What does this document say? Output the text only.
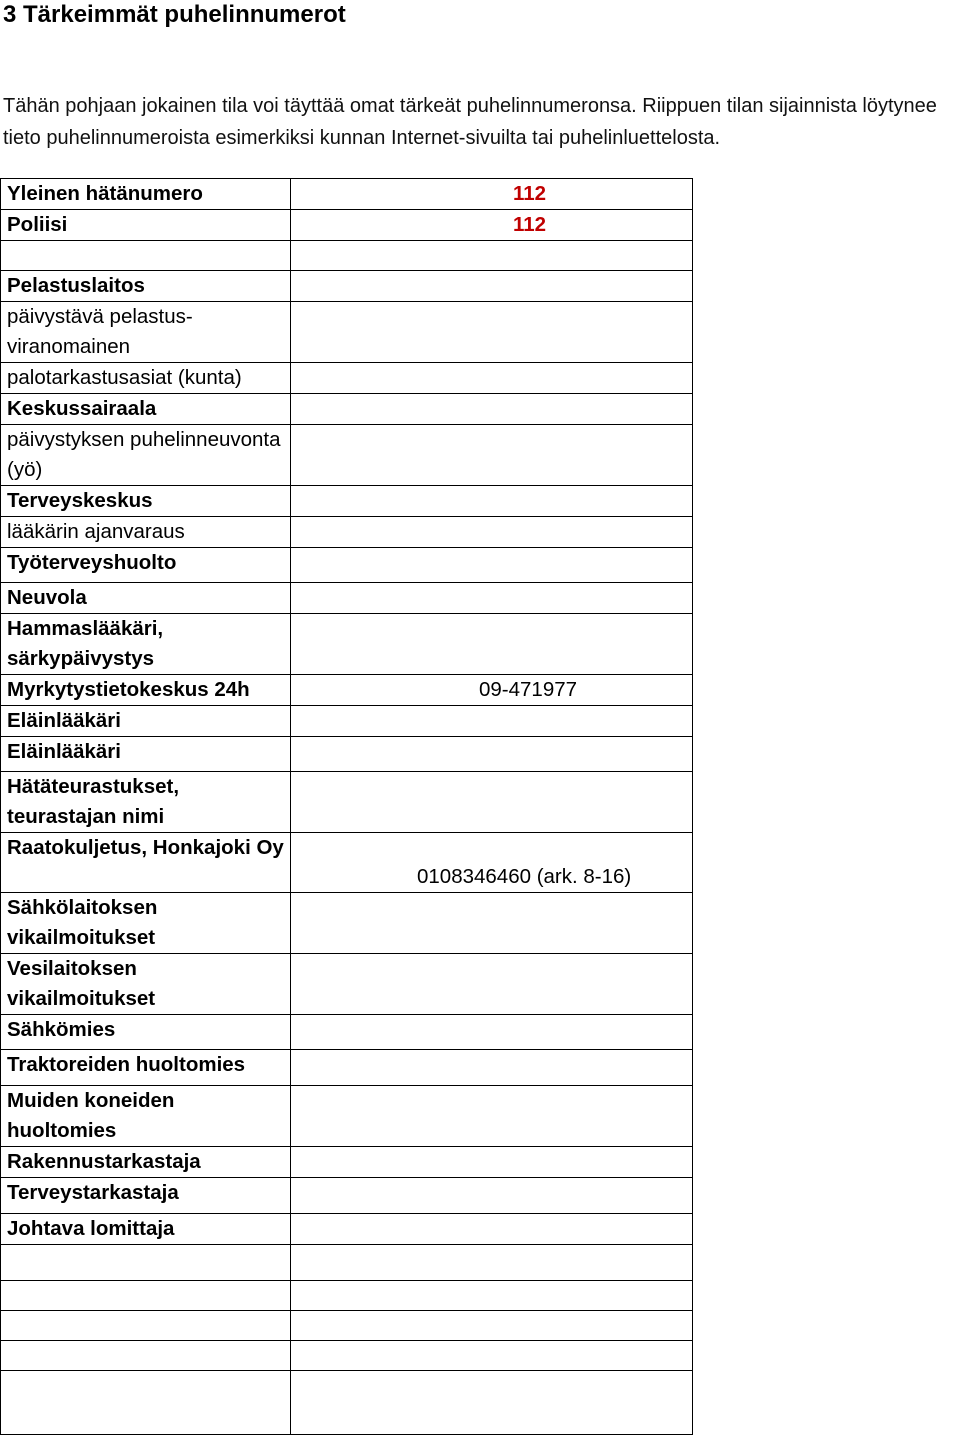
3 Tärkeimmät puhelinnumerot

Tähän pohjaan jokainen tila voi täyttää omat tärkeät puhelinnumeronsa. Riippuen tilan sijainnista löytynee tieto puhelinnumeroista esimerkiksi kunnan Internet-sivuilta tai puhelinluettelosta.

Yleinen hätänumero	112
Poliisi	112

Pelastuslaitos	
päivystävä pelastus-viranomainen	
palotarkastusasiat (kunta)	
Keskussairaala	
päivystyksen puhelinneuvonta (yö)	
Terveyskeskus	
lääkärin ajanvaraus	
Työterveyshuolto	
Neuvola	
Hammaslääkäri, särkypäivystys	
Myrkytystietokeskus 24h	09-471977
Eläinlääkäri	
Eläinlääkäri	
Hätäteurastukset, teurastajan nimi	
Raatokuljetus, Honkajoki Oy	0108346460 (ark. 8-16)
Sähkölaitoksen vikailmoitukset	
Vesilaitoksen vikailmoitukset	
Sähkömies	
Traktoreiden huoltomies	
Muiden koneiden huoltomies	
Rakennustarkastaja	
Terveystarkastaja	
Johtava lomittaja	
